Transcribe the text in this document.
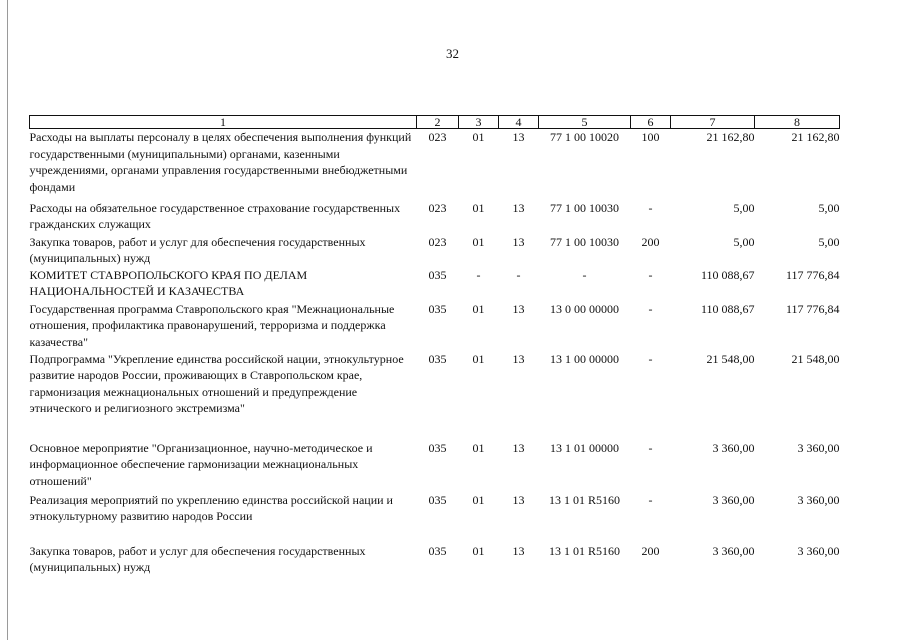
32
1	2	3	4	5	6	7	8
Расходы на выплаты персоналу в целях обеспечения выполнения функций государственными (муниципальными) органами, казенными учреждениями, органами управления государственными внебюджетными фондами	023	01	13	77 1 00 10020	100	21 162,80	21 162,80
Расходы на обязательное государственное страхование государственных гражданских служащих	023	01	13	77 1 00 10030	-	5,00	5,00
Закупка товаров, работ и услуг для обеспечения государственных (муниципальных) нужд	023	01	13	77 1 00 10030	200	5,00	5,00
КОМИТЕТ СТАВРОПОЛЬСКОГО КРАЯ ПО ДЕЛАМ НАЦИОНАЛЬНОСТЕЙ И КАЗАЧЕСТВА	035	-	-	-	-	110 088,67	117 776,84
Государственная программа Ставропольского края "Межнациональные отношения, профилактика правонарушений, терроризма и поддержка казачества"	035	01	13	13 0 00 00000	-	110 088,67	117 776,84
Подпрограмма "Укрепление единства российской нации, этнокультурное развитие народов России, проживающих в Ставропольском крае, гармонизация межнациональных отношений и предупреждение этнического и религиозного экстремизма"	035	01	13	13 1 00 00000	-	21 548,00	21 548,00
Основное мероприятие "Организационное, научно-методическое и информационное обеспечение гармонизации межнациональных отношений"	035	01	13	13 1 01 00000	-	3 360,00	3 360,00
Реализация мероприятий по укреплению единства российской нации и этнокультурному развитию народов России	035	01	13	13 1 01 R5160	-	3 360,00	3 360,00
Закупка товаров, работ и услуг для обеспечения государственных (муниципальных) нужд	035	01	13	13 1 01 R5160	200	3 360,00	3 360,00
